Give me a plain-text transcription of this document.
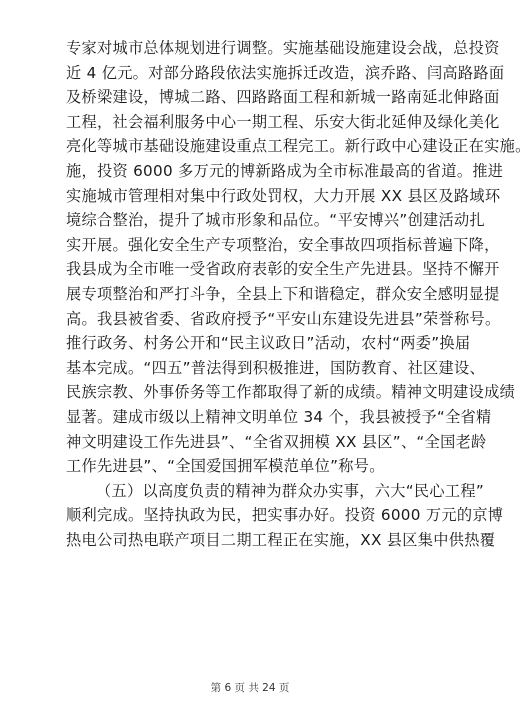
专家对城市总体规划进行调整。实施基础设施建设会战，总投资
近 4 亿元。对部分路段依法实施拆迁改造，滨乔路、闫高路路面
及桥梁建设，博城二路、四路路面工程和新城一路南延北伸路面
工程，社会福利服务中心一期工程、乐安大街北延伸及绿化美化
亮化等城市基础设施建设重点工程完工。新行政中心建设正在实施。
施，投资 6000 多万元的博新路成为全市标准最高的省道。推进
实施城市管理相对集中行政处罚权，大力开展 XX 县区及路域环
境综合整治，提升了城市形象和品位。“平安博兴”创建活动扎
实开展。强化安全生产专项整治，安全事故四项指标普遍下降，
我县成为全市唯一受省政府表彰的安全生产先进县。坚持不懈开
展专项整治和严打斗争，全县上下和谐稳定，群众安全感明显提
高。我县被省委、省政府授予“平安山东建设先进县”荣誉称号。
推行政务、村务公开和“民主议政日”活动，农村“两委”换届
基本完成。“四五”普法得到积极推进，国防教育、社区建设、
民族宗教、外事侨务等工作都取得了新的成绩。精神文明建设成绩
显著。建成市级以上精神文明单位 34 个，我县被授予“全省精
神文明建设工作先进县”、“全省双拥模 XX 县区”、“全国老龄
工作先进县”、“全国爱国拥军模范单位”称号。
（五）以高度负责的精神为群众办实事，六大“民心工程”
顺利完成。坚持执政为民，把实事办好。投资 6000 万元的京博
热电公司热电联产项目二期工程正在实施，XX 县区集中供热覆
第 6 页 共 24 页
